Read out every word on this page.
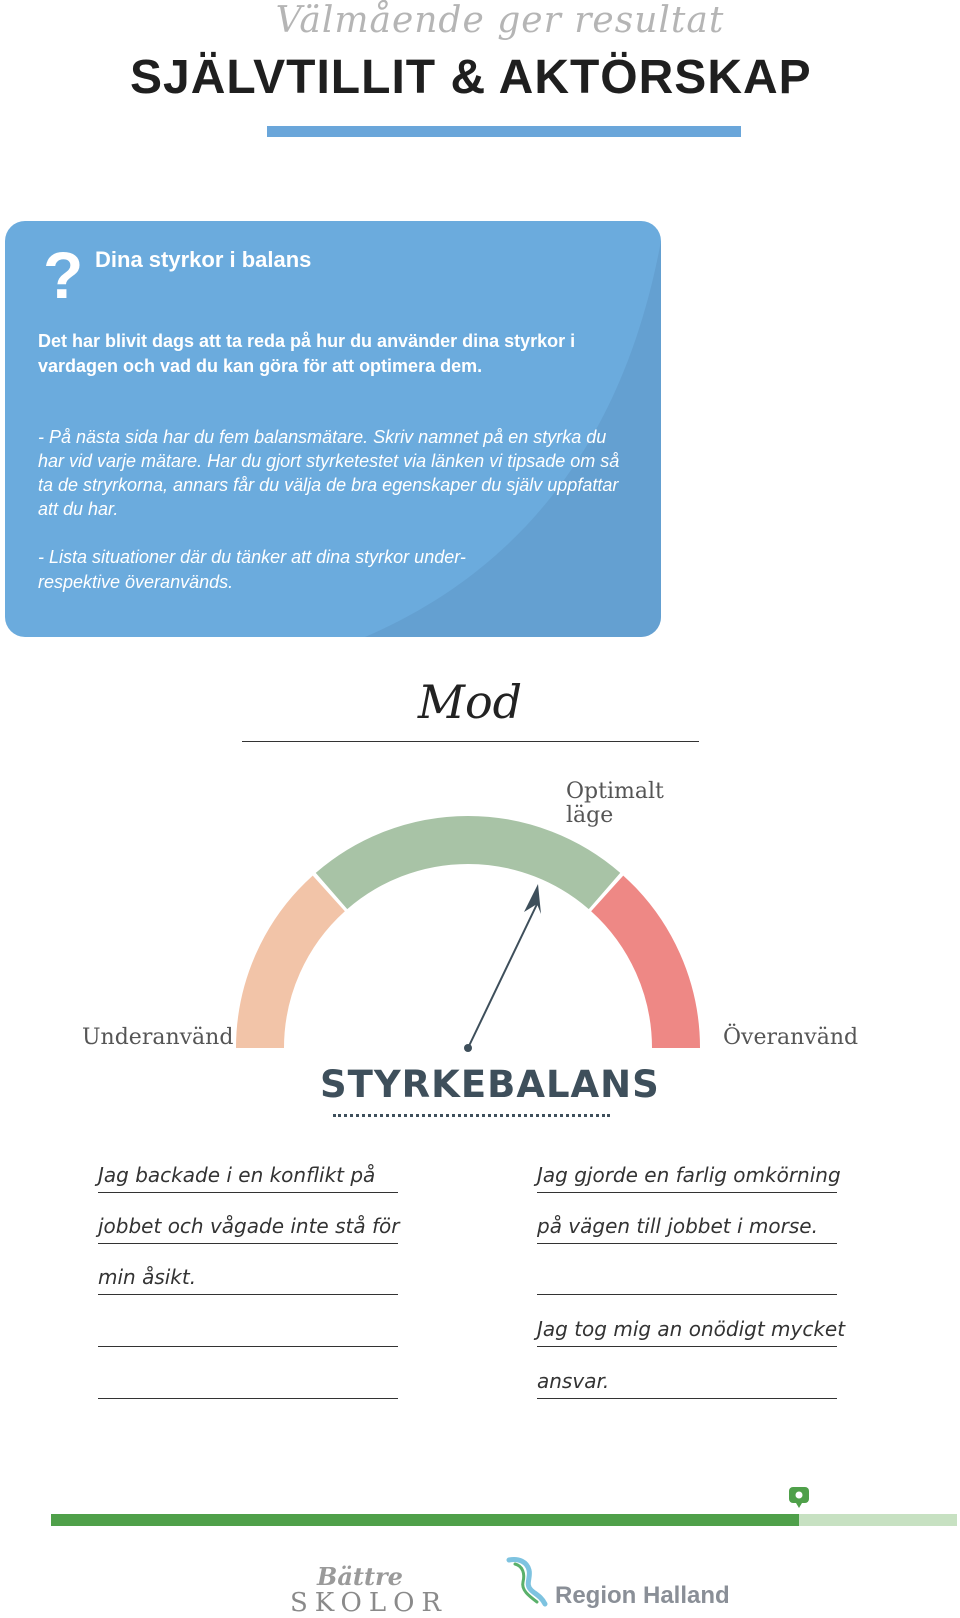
Välmående ger resultat
SJÄLVTILLIT & AKTÖRSKAP
? Dina styrkor i balans
Det har blivit dags att ta reda på hur du använder dina styrkor i vardagen och vad du kan göra för att optimera dem.
- På nästa sida har du fem balansmätare. Skriv namnet på en styrka du har vid varje mätare. Har du gjort styrketestet via länken vi tipsade om så ta de stryrkorna, annars får du välja de bra egenskaper du själv uppfattar att du har.
- Lista situationer där du tänker att dina styrkor under- respektive överanvänds.
Mod
Optimalt läge
Underanvänd	Överanvänd
STYRKEBALANS
Jag backade i en konflikt på
jobbet och vågade inte stå för
min åsikt.
Jag gjorde en farlig omkörning
på vägen till jobbet i morse.
Jag tog mig an onödigt mycket
ansvar.
Bättre
SKOLOR	Region Halland
